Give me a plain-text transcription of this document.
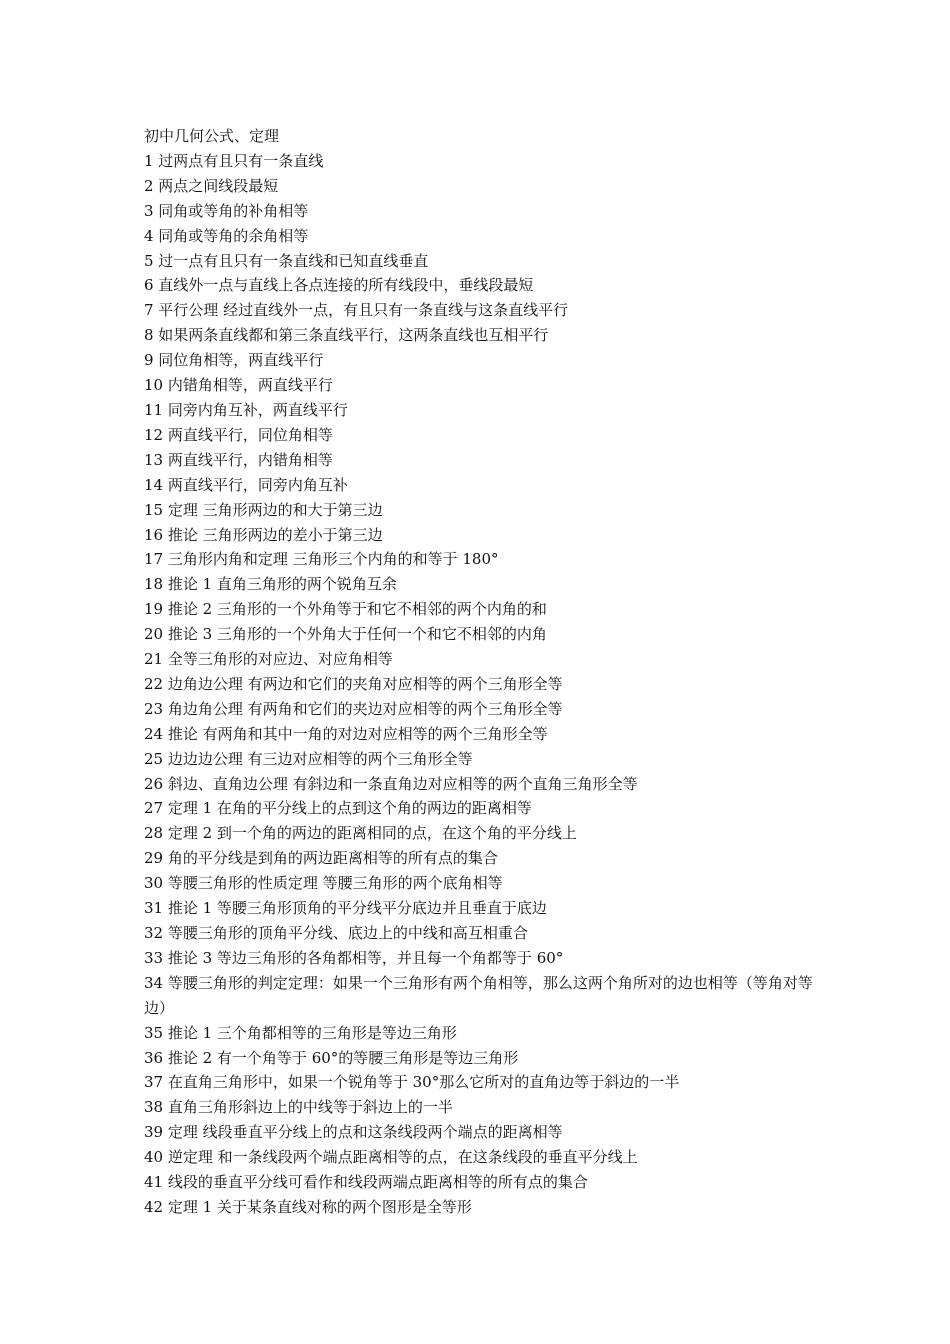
初中几何公式、定理

1 过两点有且只有一条直线

2 两点之间线段最短

3 同角或等角的补角相等

4 同角或等角的余角相等

5 过一点有且只有一条直线和已知直线垂直

6 直线外一点与直线上各点连接的所有线段中，垂线段最短

7 平行公理 经过直线外一点，有且只有一条直线与这条直线平行

8 如果两条直线都和第三条直线平行，这两条直线也互相平行

9 同位角相等，两直线平行

10 内错角相等，两直线平行

11 同旁内角互补，两直线平行

12 两直线平行，同位角相等

13 两直线平行，内错角相等

14 两直线平行，同旁内角互补

15 定理 三角形两边的和大于第三边

16 推论 三角形两边的差小于第三边

17 三角形内角和定理 三角形三个内角的和等于 180°

18 推论 1 直角三角形的两个锐角互余

19 推论 2 三角形的一个外角等于和它不相邻的两个内角的和

20 推论 3 三角形的一个外角大于任何一个和它不相邻的内角

21 全等三角形的对应边、对应角相等

22 边角边公理 有两边和它们的夹角对应相等的两个三角形全等

23 角边角公理 有两角和它们的夹边对应相等的两个三角形全等

24 推论 有两角和其中一角的对边对应相等的两个三角形全等

25 边边边公理 有三边对应相等的两个三角形全等

26 斜边、直角边公理 有斜边和一条直角边对应相等的两个直角三角形全等

27 定理 1 在角的平分线上的点到这个角的两边的距离相等

28 定理 2 到一个角的两边的距离相同的点，在这个角的平分线上

29 角的平分线是到角的两边距离相等的所有点的集合

30 等腰三角形的性质定理 等腰三角形的两个底角相等

31 推论 1 等腰三角形顶角的平分线平分底边并且垂直于底边

32 等腰三角形的顶角平分线、底边上的中线和高互相重合

33 推论 3 等边三角形的各角都相等，并且每一个角都等于 60°

34 等腰三角形的判定定理：如果一个三角形有两个角相等，那么这两个角所对的边也相等（等角对等边）

35 推论 1 三个角都相等的三角形是等边三角形

36 推论 2 有一个角等于 60°的等腰三角形是等边三角形

37 在直角三角形中，如果一个锐角等于 30°那么它所对的直角边等于斜边的一半

38 直角三角形斜边上的中线等于斜边上的一半

39 定理 线段垂直平分线上的点和这条线段两个端点的距离相等

40 逆定理 和一条线段两个端点距离相等的点，在这条线段的垂直平分线上

41 线段的垂直平分线可看作和线段两端点距离相等的所有点的集合

42 定理 1 关于某条直线对称的两个图形是全等形
